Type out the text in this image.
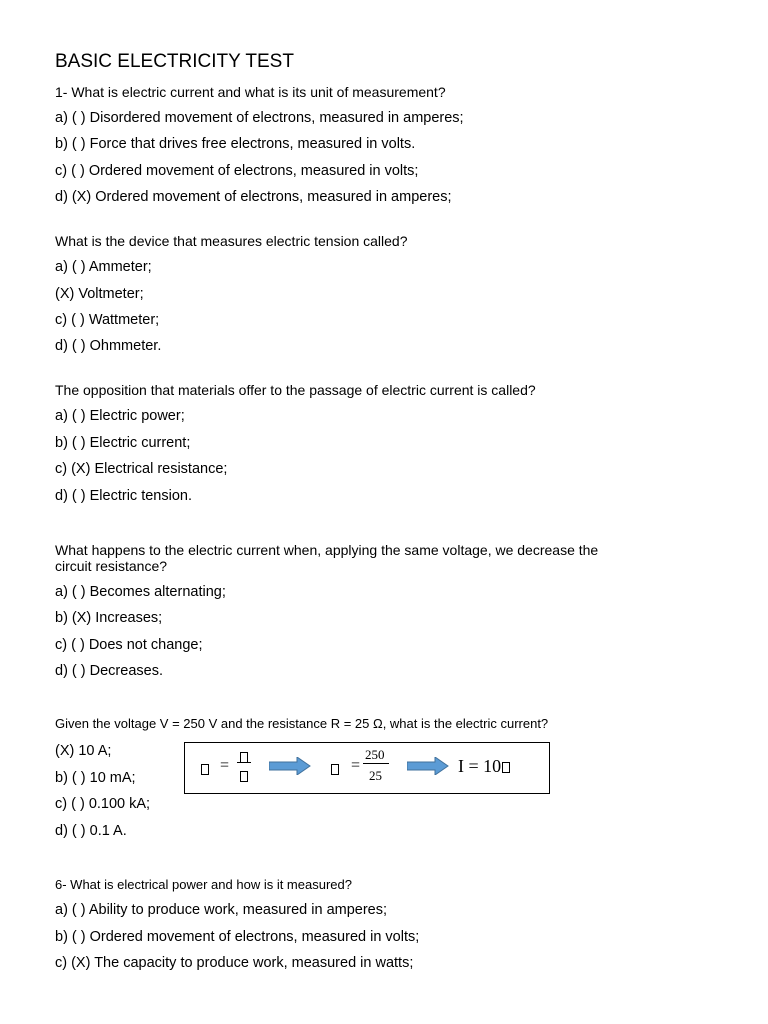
BASIC ELECTRICITY TEST
1- What is electric current and what is its unit of measurement?
a) ( ) Disordered movement of electrons, measured in amperes;
b) ( ) Force that drives free electrons, measured in volts.
c) ( ) Ordered movement of electrons, measured in volts;
d) (X) Ordered movement of electrons, measured in amperes;
What is the device that measures electric tension called?
a) ( ) Ammeter;
(X) Voltmeter;
c) ( ) Wattmeter;
d) ( ) Ohmmeter.
The opposition that materials offer to the passage of electric current is called?
a) ( ) Electric power;
b) ( ) Electric current;
c) (X) Electrical resistance;
d) ( ) Electric tension.
What happens to the electric current when, applying the same voltage, we decrease the
circuit resistance?
a) ( ) Becomes alternating;
b) (X) Increases;
c) ( ) Does not change;
d) ( ) Decreases.
Given the voltage V = 250 V and the resistance R = 25 Ω, what is the electric current?
(X) 10 A;
b) ( ) 10 mA;
c) ( ) 0.100 kA;
d) ( ) 0.1 A.
=	=
250
25	I = 10
6- What is electrical power and how is it measured?
a) ( ) Ability to produce work, measured in amperes;
b) ( ) Ordered movement of electrons, measured in volts;
c) (X) The capacity to produce work, measured in watts;
